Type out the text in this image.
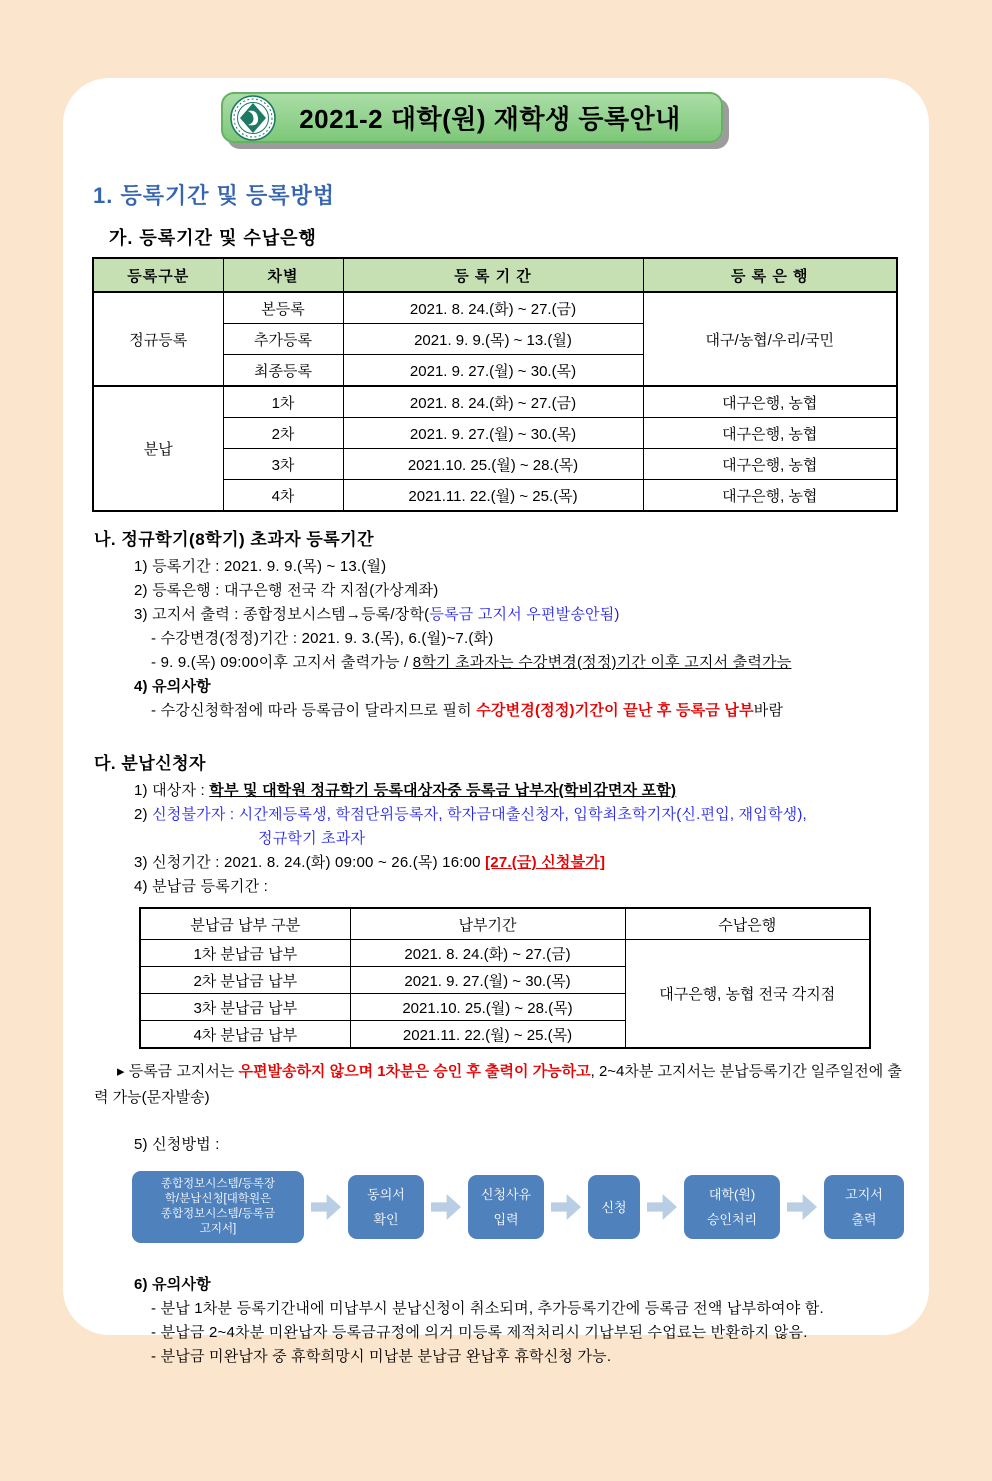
2021-2 대학(원) 재학생 등록안내
1. 등록기간 및 등록방법
가. 등록기간 및 수납은행
등록구분	차별	등 록 기 간	등 록 은 행
정규등록	본등록	2021. 8. 24.(화) ~ 27.(금)	대구/농협/우리/국민
	추가등록	2021. 9. 9.(목) ~ 13.(월)	
	최종등록	2021. 9. 27.(월) ~ 30.(목)	
분납	1차	2021. 8. 24.(화) ~ 27.(금)	대구은행, 농협
	2차	2021. 9. 27.(월) ~ 30.(목)	대구은행, 농협
	3차	2021.10. 25.(월) ~ 28.(목)	대구은행, 농협
	4차	2021.11. 22.(월) ~ 25.(목)	대구은행, 농협
나. 정규학기(8학기) 초과자 등록기간
1) 등록기간 : 2021. 9. 9.(목) ~ 13.(월)
2) 등록은행 : 대구은행 전국 각 지점(가상계좌)
3) 고지서 출력 : 종합정보시스템→등록/장학(등록금 고지서 우편발송안됨)
- 수강변경(정정)기간 : 2021. 9. 3.(목), 6.(월)~7.(화)
- 9. 9.(목) 09:00이후 고지서 출력가능 / 8학기 초과자는 수강변경(정정)기간 이후 고지서 출력가능
4) 유의사항
- 수강신청학점에 따라 등록금이 달라지므로 필히 수강변경(정정)기간이 끝난 후 등록금 납부바람
다. 분납신청자
1) 대상자 : 학부 및 대학원 정규학기 등록대상자중 등록금 납부자(학비감면자 포함)
2) 신청불가자 : 시간제등록생, 학점단위등록자, 학자금대출신청자, 입학최초학기자(신.편입, 재입학생),
정규학기 초과자
3) 신청기간 : 2021. 8. 24.(화) 09:00 ~ 26.(목) 16:00 [27.(금) 신청불가]
4) 분납금 등록기간 :
분납금 납부 구분	납부기간	수납은행
1차 분납금 납부	2021. 8. 24.(화) ~ 27.(금)	대구은행, 농협 전국 각지점
2차 분납금 납부	2021. 9. 27.(월) ~ 30.(목)	
3차 분납금 납부	2021.10. 25.(월) ~ 28.(목)	
4차 분납금 납부	2021.11. 22.(월) ~ 25.(목)	
▸ 등록금 고지서는 우편발송하지 않으며 1차분은 승인 후 출력이 가능하고, 2~4차분 고지서는 분납등록기간 일주일전에 출력 가능(문자발송)
5) 신청방법 :
종합정보시스템/등록장
학/분납신청[대학원은
종합정보시스템/등록금
고지서]
동의서
확인
신청사유
입력
신청
대학(원)
승인처리
고지서
출력
6) 유의사항
- 분납 1차분 등록기간내에 미납부시 분납신청이 취소되며, 추가등록기간에 등록금 전액 납부하여야 함.
- 분납금 2~4차분 미완납자 등록금규정에 의거 미등록 제적처리시 기납부된 수업료는 반환하지 않음.
- 분납금 미완납자 중 휴학희망시 미납분 분납금 완납후 휴학신청 가능.
